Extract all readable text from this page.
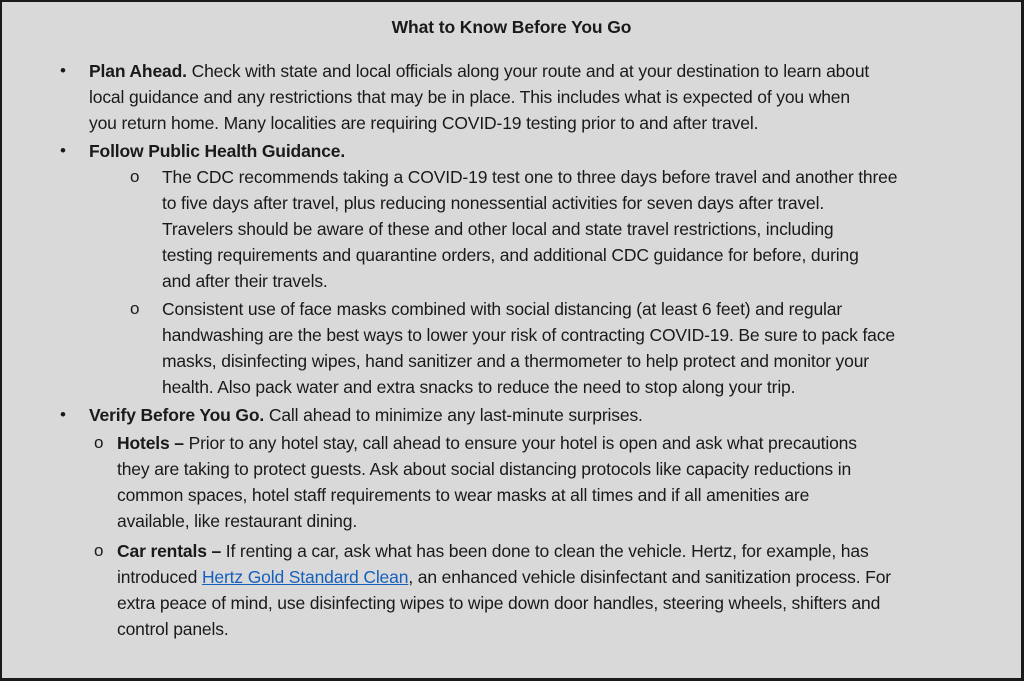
What to Know Before You Go
• Plan Ahead. Check with state and local officials along your route and at your destination to learn about
local guidance and any restrictions that may be in place. This includes what is expected of you when
you return home. Many localities are requiring COVID-19 testing prior to and after travel.
• Follow Public Health Guidance.
o The CDC recommends taking a COVID-19 test one to three days before travel and another three
to five days after travel, plus reducing nonessential activities for seven days after travel.
Travelers should be aware of these and other local and state travel restrictions, including
testing requirements and quarantine orders, and additional CDC guidance for before, during
and after their travels.
o Consistent use of face masks combined with social distancing (at least 6 feet) and regular
handwashing are the best ways to lower your risk of contracting COVID-19. Be sure to pack face
masks, disinfecting wipes, hand sanitizer and a thermometer to help protect and monitor your
health. Also pack water and extra snacks to reduce the need to stop along your trip.
• Verify Before You Go. Call ahead to minimize any last-minute surprises.
o Hotels – Prior to any hotel stay, call ahead to ensure your hotel is open and ask what precautions
they are taking to protect guests. Ask about social distancing protocols like capacity reductions in
common spaces, hotel staff requirements to wear masks at all times and if all amenities are
available, like restaurant dining.
o Car rentals – If renting a car, ask what has been done to clean the vehicle. Hertz, for example, has
introduced Hertz Gold Standard Clean, an enhanced vehicle disinfectant and sanitization process. For
extra peace of mind, use disinfecting wipes to wipe down door handles, steering wheels, shifters and
control panels.
